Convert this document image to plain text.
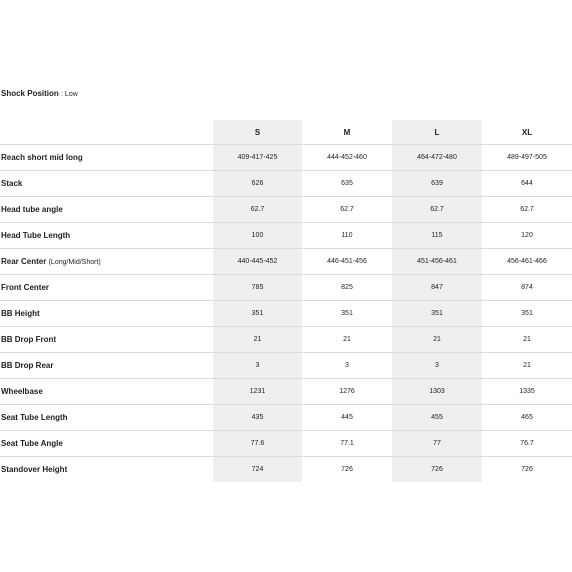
Shock Position : Low
	S	M	L	XL
Reach short mid long	409-417-425	444-452-460	464-472-480	489-497-505
Stack	626	635	639	644
Head tube angle	62.7	62.7	62.7	62.7
Head Tube Length	100	110	115	120
Rear Center (Long/Mid/Short)	440-445-452	446-451-456	451-456-461	456-461-466
Front Center	785	825	847	874
BB Height	351	351	351	351
BB Drop Front	21	21	21	21
BB Drop Rear	3	3	3	21
Wheelbase	1231	1276	1303	1335
Seat Tube Length	435	445	455	465
Seat Tube Angle	77.6	77.1	77	76.7
Standover Height	724	726	726	726
